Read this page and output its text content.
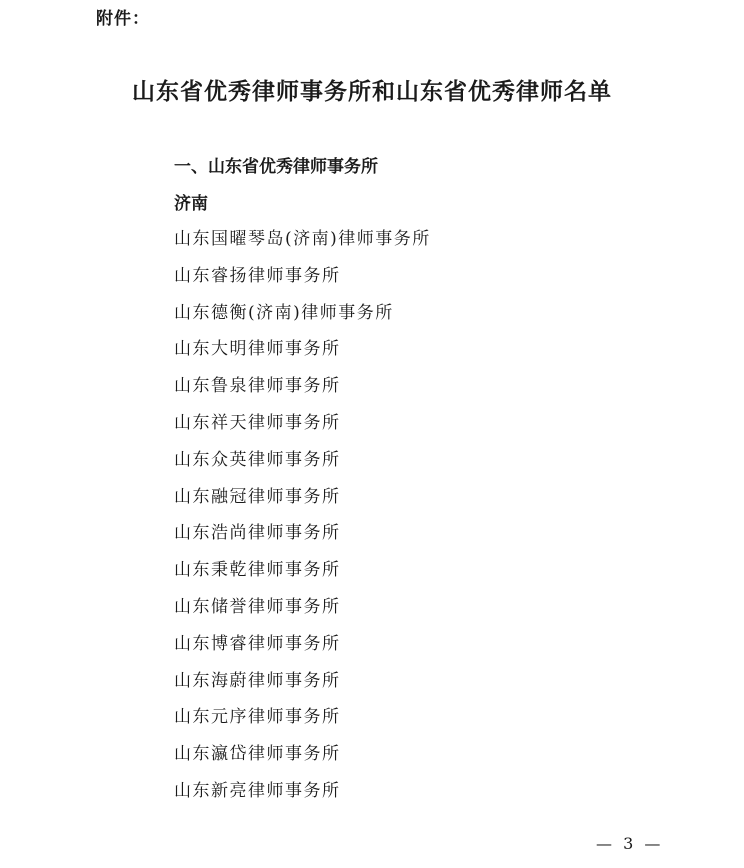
附件：
山东省优秀律师事务所和山东省优秀律师名单
一、山东省优秀律师事务所
济南
山东国曜琴岛(济南)律师事务所
山东睿扬律师事务所
山东德衡(济南)律师事务所
山东大明律师事务所
山东鲁泉律师事务所
山东祥天律师事务所
山东众英律师事务所
山东融冠律师事务所
山东浩尚律师事务所
山东秉乾律师事务所
山东储誉律师事务所
山东博睿律师事务所
山东海蔚律师事务所
山东元序律师事务所
山东瀛岱律师事务所
山东新亮律师事务所
— 3 —
